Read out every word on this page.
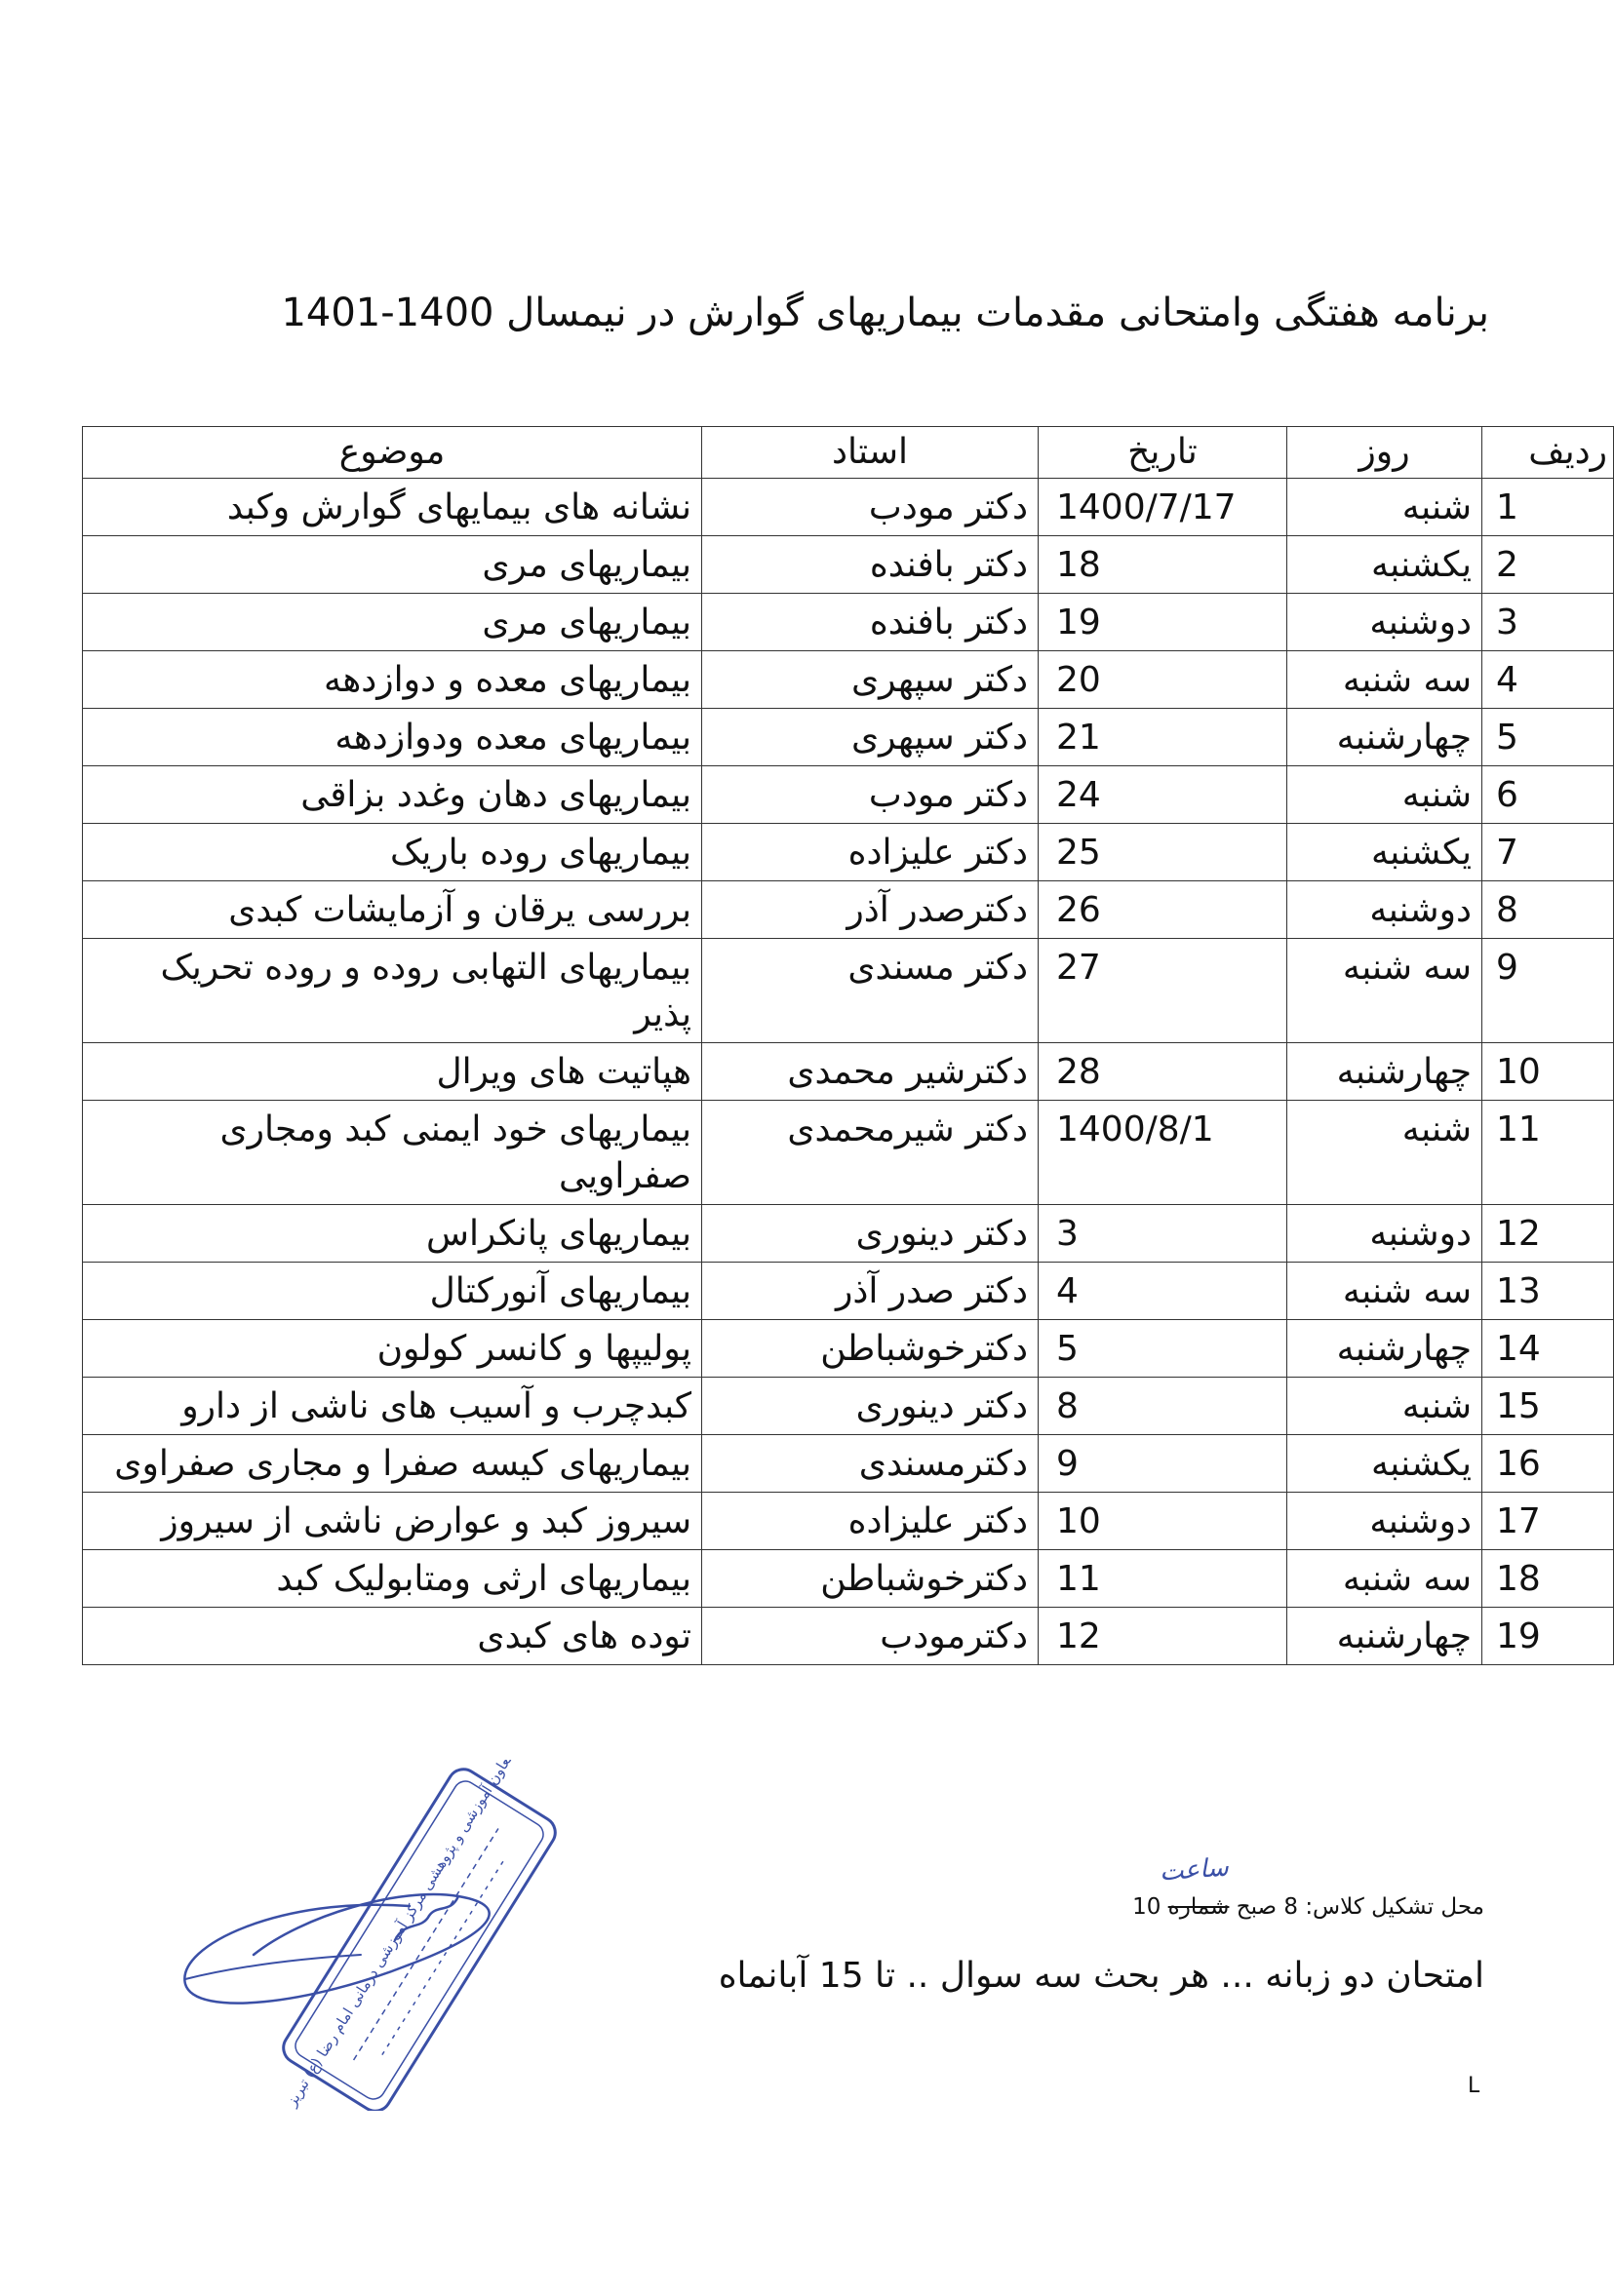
برنامه هفتگی وامتحانی مقدمات بیماریهای گوارش در نیمسال 1400-1401
ردیف	روز	تاریخ	استاد	موضوع
1	شنبه	1400/7/17	دکتر مودب	نشانه های بیمایهای گوارش وکبد
2	یکشنبه	18	دکتر بافنده	بیماریهای مری
3	دوشنبه	19	دکتر بافنده	بیماریهای مری
4	سه شنبه	20	دکتر سپهری	بیماریهای معده و دوازدهه
5	چهارشنبه	21	دکتر سپهری	بیماریهای معده ودوازدهه
6	شنبه	24	دکتر مودب	بیماریهای دهان وغدد بزاقی
7	یکشنبه	25	دکتر علیزاده	بیماریهای روده باریک
8	دوشنبه	26	دکترصدر آذر	بررسی یرقان و آزمایشات کبدی
9	سه شنبه	27	دکتر مسندی	بیماریهای التهابی روده و روده تحریک پذیر
10	چهارشنبه	28	دکترشیر محمدی	هپاتیت های ویرال
11	شنبه	1400/8/1	دکتر شیرمحمدی	بیماریهای خود ایمنی کبد ومجاری صفراویی
12	دوشنبه	3	دکتر دینوری	بیماریهای پانکراس
13	سه شنبه	4	دکتر صدر آذر	بیماریهای آنورکتال
14	چهارشنبه	5	دکترخوشباطن	پولیپها و کانسر کولون
15	شنبه	8	دکتر دینوری	کبدچرب و آسیب های ناشی از دارو
16	یکشنبه	9	دکترمسندی	بیماریهای کیسه صفرا و مجاری صفراوی
17	دوشنبه	10	دکتر علیزاده	سیروز کبد و عوارض ناشی از سیروز
18	سه شنبه	11	دکترخوشباطن	بیماریهای ارثی ومتابولیک کبد
19	چهارشنبه	12	دکترمودب	توده های کبدی
ساعت
محل تشکیل کلاس: 8 صبح شماره 10
امتحان دو زبانه ... هر بحث سه سوال .. تا 15 آبانماه
L
معاون آموزشی و پژوهشی مرکز آموزشی درمانی امام رضا (ع) تبریز
